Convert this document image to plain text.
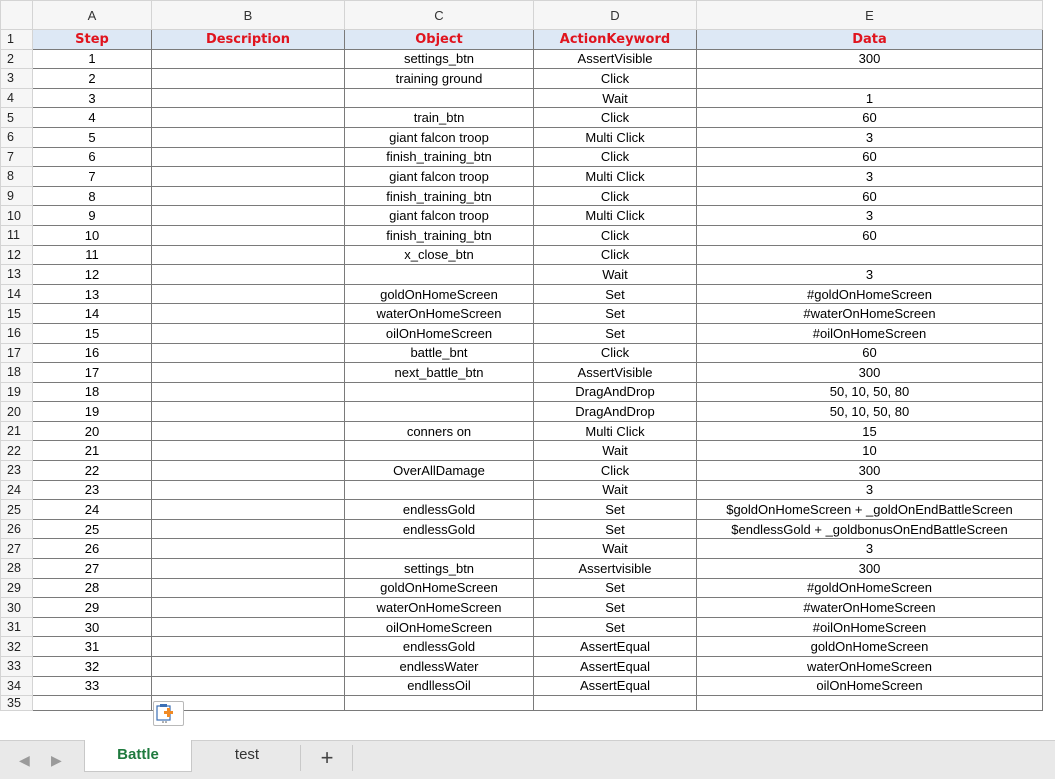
	A	B	C	D	E
1	Step	Description	Object	ActionKeyword	Data
2	1		settings_btn	AssertVisible	300
3	2		training ground	Click	
4	3			Wait	1
5	4		train_btn	Click	60
6	5		giant falcon troop	Multi Click	3
7	6		finish_training_btn	Click	60
8	7		giant falcon troop	Multi Click	3
9	8		finish_training_btn	Click	60
10	9		giant falcon troop	Multi Click	3
11	10		finish_training_btn	Click	60
12	11		x_close_btn	Click	
13	12			Wait	3
14	13		goldOnHomeScreen	Set	#goldOnHomeScreen
15	14		waterOnHomeScreen	Set	#waterOnHomeScreen
16	15		oilOnHomeScreen	Set	#oilOnHomeScreen
17	16		battle_bnt	Click	60
18	17		next_battle_btn	AssertVisible	300
19	18			DragAndDrop	50, 10, 50, 80
20	19			DragAndDrop	50, 10, 50, 80
21	20		conners on	Multi Click	15
22	21			Wait	10
23	22		OverAllDamage	Click	300
24	23			Wait	3
25	24		endlessGold	Set	$goldOnHomeScreen + _goldOnEndBattleScreen
26	25		endlessGold	Set	$endlessGold + _goldbonusOnEndBattleScreen
27	26			Wait	3
28	27		settings_btn	Assertvisible	300
29	28		goldOnHomeScreen	Set	#goldOnHomeScreen
30	29		waterOnHomeScreen	Set	#waterOnHomeScreen
31	30		oilOnHomeScreen	Set	#oilOnHomeScreen
32	31		endlessGold	AssertEqual	goldOnHomeScreen
33	32		endlessWater	AssertEqual	waterOnHomeScreen
34	33		endllessOil	AssertEqual	oilOnHomeScreen
35					
◀ ▶	Battle	test	+
